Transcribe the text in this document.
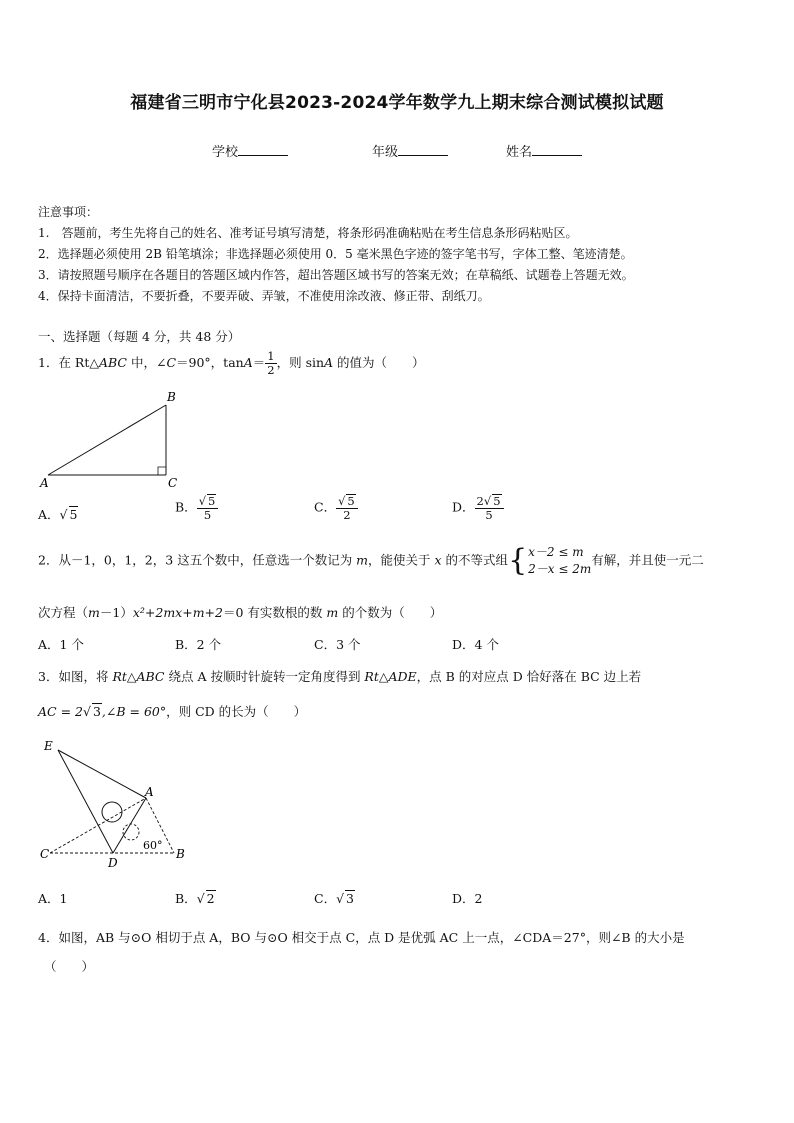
福建省三明市宁化县2023-2024学年数学九上期末综合测试模拟试题
学校	年级	姓名
注意事项：
1.　答题前，考生先将自己的姓名、准考证号填写清楚，将条形码准确粘贴在考生信息条形码粘贴区。
2．选择题必须使用 2B 铅笔填涂；非选择题必须使用 0．5 毫米黑色字迹的签字笔书写，字体工整、笔迹清楚。
3．请按照题号顺序在各题目的答题区域内作答，超出答题区域书写的答案无效；在草稿纸、试题卷上答题无效。
4．保持卡面清洁，不要折叠，不要弄破、弄皱，不准使用涂改液、修正带、刮纸刀。
一、选择题（每题 4 分，共 48 分）
1．在 Rt△ABC 中，∠C＝90°，$\tan A= \frac{1}{2}$ ，则 sinA 的值为（　　）
B
A	C
A．√ 5	B． $\frac{√ 5}{5}$	C． $\frac{√ 5}{2}$	D． $\frac{2√ 5}{5}$
2．从－1，0，1，2，3 这五个数中，任意选一个数记为 m，能使关于 x 的不等式组{ x－2 ≤ m
2－x ≤ 2m
有解，并且使一元二
次方程（m－1）x²+2mx+m+2＝0 有实数根的数 m 的个数为（　　）
A．1 个	B．2 个	C．3 个	D．4 个
3．如图，将 Rt△ABC 绕点 A 按顺时针旋转一定角度得到 Rt△ADE，点 B 的对应点 D 恰好落在 BC 边上若
AC = 2√ 3,∠B = 60°，则 CD 的长为（　　）
E
A
C
D
B
60°
A．1	B．√ 2	C．√ 3	D．2
4．如图，AB 与⊙O 相切于点 A，BO 与⊙O 相交于点 C，点 D 是优弧 AC 上一点，∠CDA＝27°，则∠B 的大小是
（　　）
